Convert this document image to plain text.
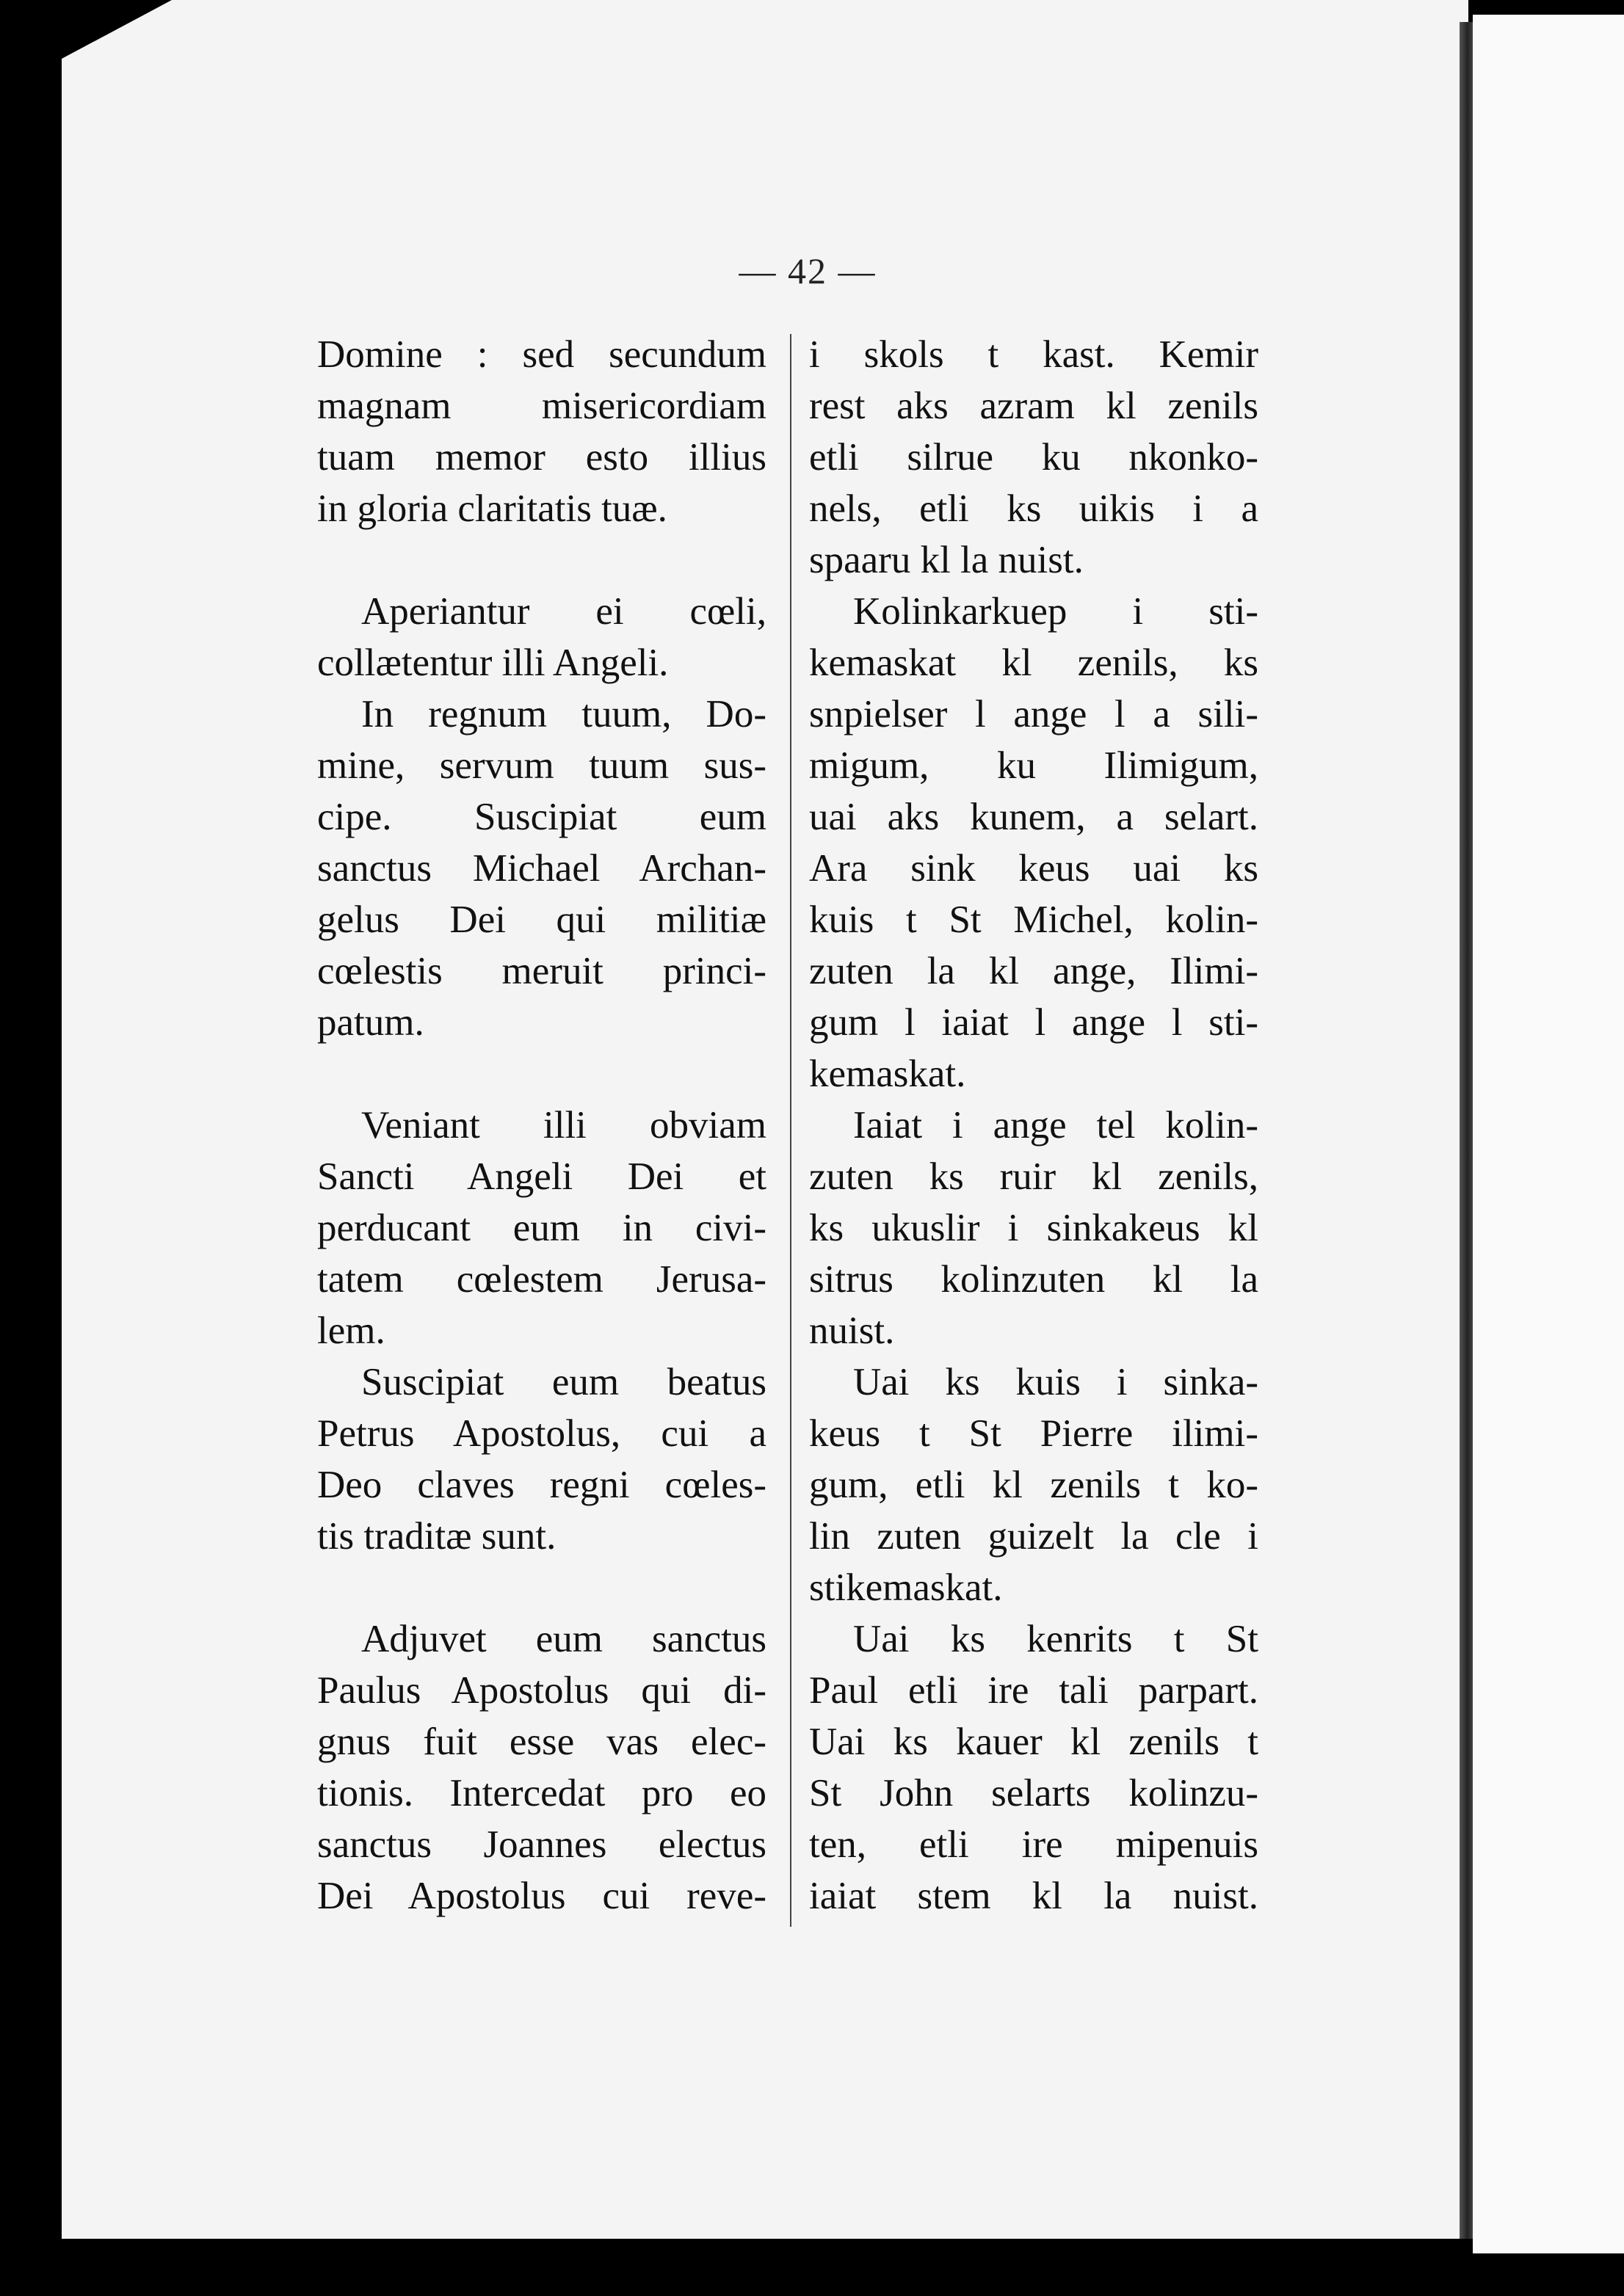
— 42 —
Domine : sed secundum
magnam misericordiam
tuam memor esto illius
in gloria claritatis tuæ.
Aperiantur ei cœli,
collætentur illi Angeli.
In regnum tuum, Do-
mine, servum tuum sus-
cipe. Suscipiat eum
sanctus Michael Archan-
gelus Dei qui militiæ
cœlestis meruit princi-
patum.
Veniant illi obviam
Sancti Angeli Dei et
perducant eum in civi-
tatem cœlestem Jerusa-
lem.
Suscipiat eum beatus
Petrus Apostolus, cui a
Deo claves regni cœles-
tis traditæ sunt.
Adjuvet eum sanctus
Paulus Apostolus qui di-
gnus fuit esse vas elec-
tionis. Intercedat pro eo
sanctus Joannes electus
Dei Apostolus cui reve-
i skols t kast. Kemir
rest aks azram kl zenils
etli silrue ku nkonko-
nels, etli ks uikis i a
spaaru kl la nuist.
Kolinkarkuep i sti-
kemaskat kl zenils, ks
snpielser l ange l a sili-
migum, ku Ilimigum,
uai aks kunem, a selart.
Ara sink keus uai ks
kuis t St Michel, kolin-
zuten la kl ange, Ilimi-
gum l iaiat l ange l sti-
kemaskat.
Iaiat i ange tel kolin-
zuten ks ruir kl zenils,
ks ukuslir i sinkakeus kl
sitrus kolinzuten kl la
nuist.
Uai ks kuis i sinka-
keus t St Pierre ilimi-
gum, etli kl zenils t ko-
lin zuten guizelt la cle i
stikemaskat.
Uai ks kenrits t St
Paul etli ire tali parpart.
Uai ks kauer kl zenils t
St John selarts kolinzu-
ten, etli ire mipenuis
iaiat stem kl la nuist.
